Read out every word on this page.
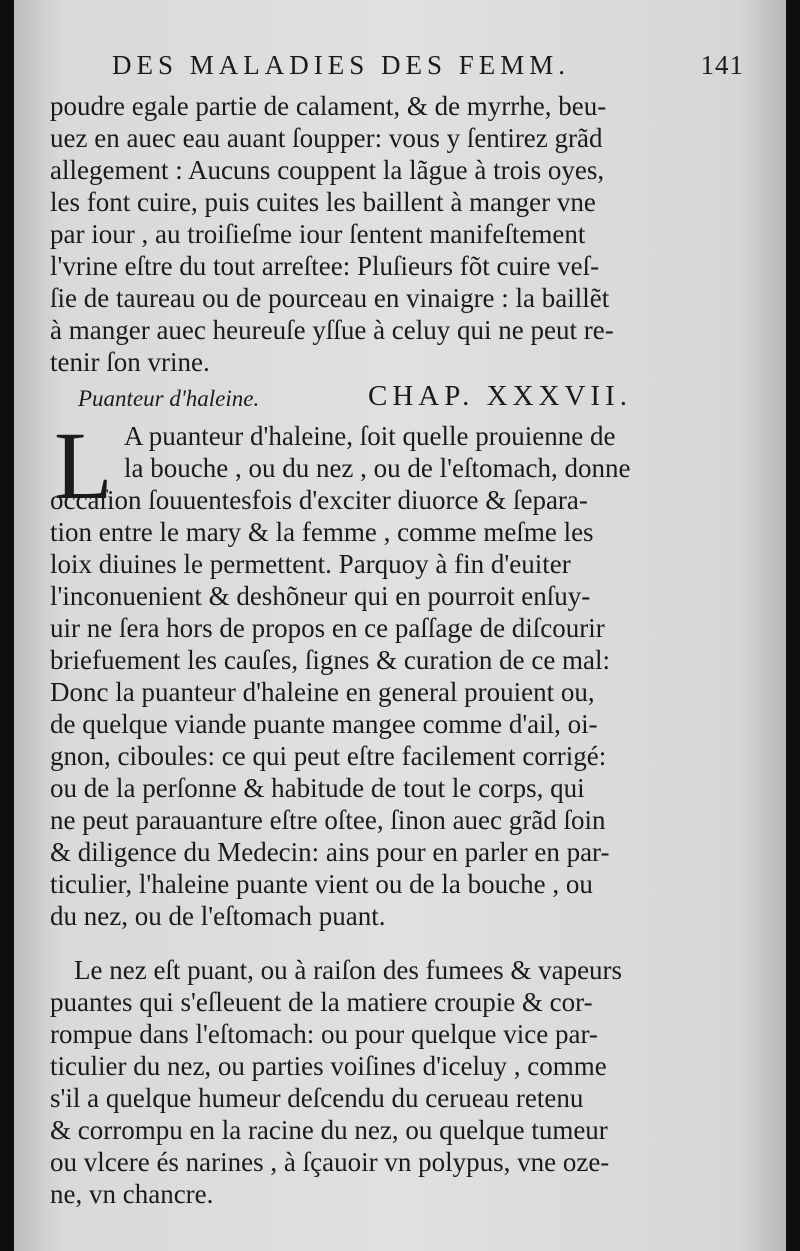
DES MALADIES DES FEMM.	141
poudre egale partie de calament, & de myrrhe, beu-
uez en auec eau auant ſoupper: vous y ſentirez grãd
allegement : Aucuns couppent la lãgue à trois oyes,
les font cuire, puis cuites les baillent à manger vne
par iour , au troiſieſme iour ſentent manifeſtement
l'vrine eſtre du tout arreſtee: Pluſieurs fõt cuire veſ-
ſie de taureau ou de pourceau en vinaigre : la baillẽt
à manger auec heureuſe yſſue à celuy qui ne peut re-
tenir ſon vrine.
Puanteur d'haleine.	CHAP. XXXVII.
L A puanteur d'haleine, ſoit quelle prouienne de
la bouche , ou du nez , ou de l'eſtomach, donne
occaſion ſouuentesfois d'exciter diuorce & ſepara-
tion entre le mary & la femme , comme meſme les
loix diuines le permettent. Parquoy à fin d'euiter
l'inconuenient & deshõneur qui en pourroit enſuy-
uir ne ſera hors de propos en ce paſſage de diſcourir
briefuement les cauſes, ſignes & curation de ce mal:
Donc la puanteur d'haleine en general prouient ou,
de quelque viande puante mangee comme d'ail, oi-
gnon, ciboules: ce qui peut eſtre facilement corrigé:
ou de la perſonne & habitude de tout le corps, qui
ne peut parauanture eſtre oſtee, ſinon auec grãd ſoin
& diligence du Medecin: ains pour en parler en par-
ticulier, l'haleine puante vient ou de la bouche , ou
du nez, ou de l'eſtomach puant.
Le nez eſt puant, ou à raiſon des fumees & vapeurs
puantes qui s'eſleuent de la matiere croupie & cor-
rompue dans l'eſtomach: ou pour quelque vice par-
ticulier du nez, ou parties voiſines d'iceluy , comme
s'il a quelque humeur deſcendu du cerueau retenu
& corrompu en la racine du nez, ou quelque tumeur
ou vlcere és narines , à ſçauoir vn polypus, vne oze-
ne, vn chancre.
